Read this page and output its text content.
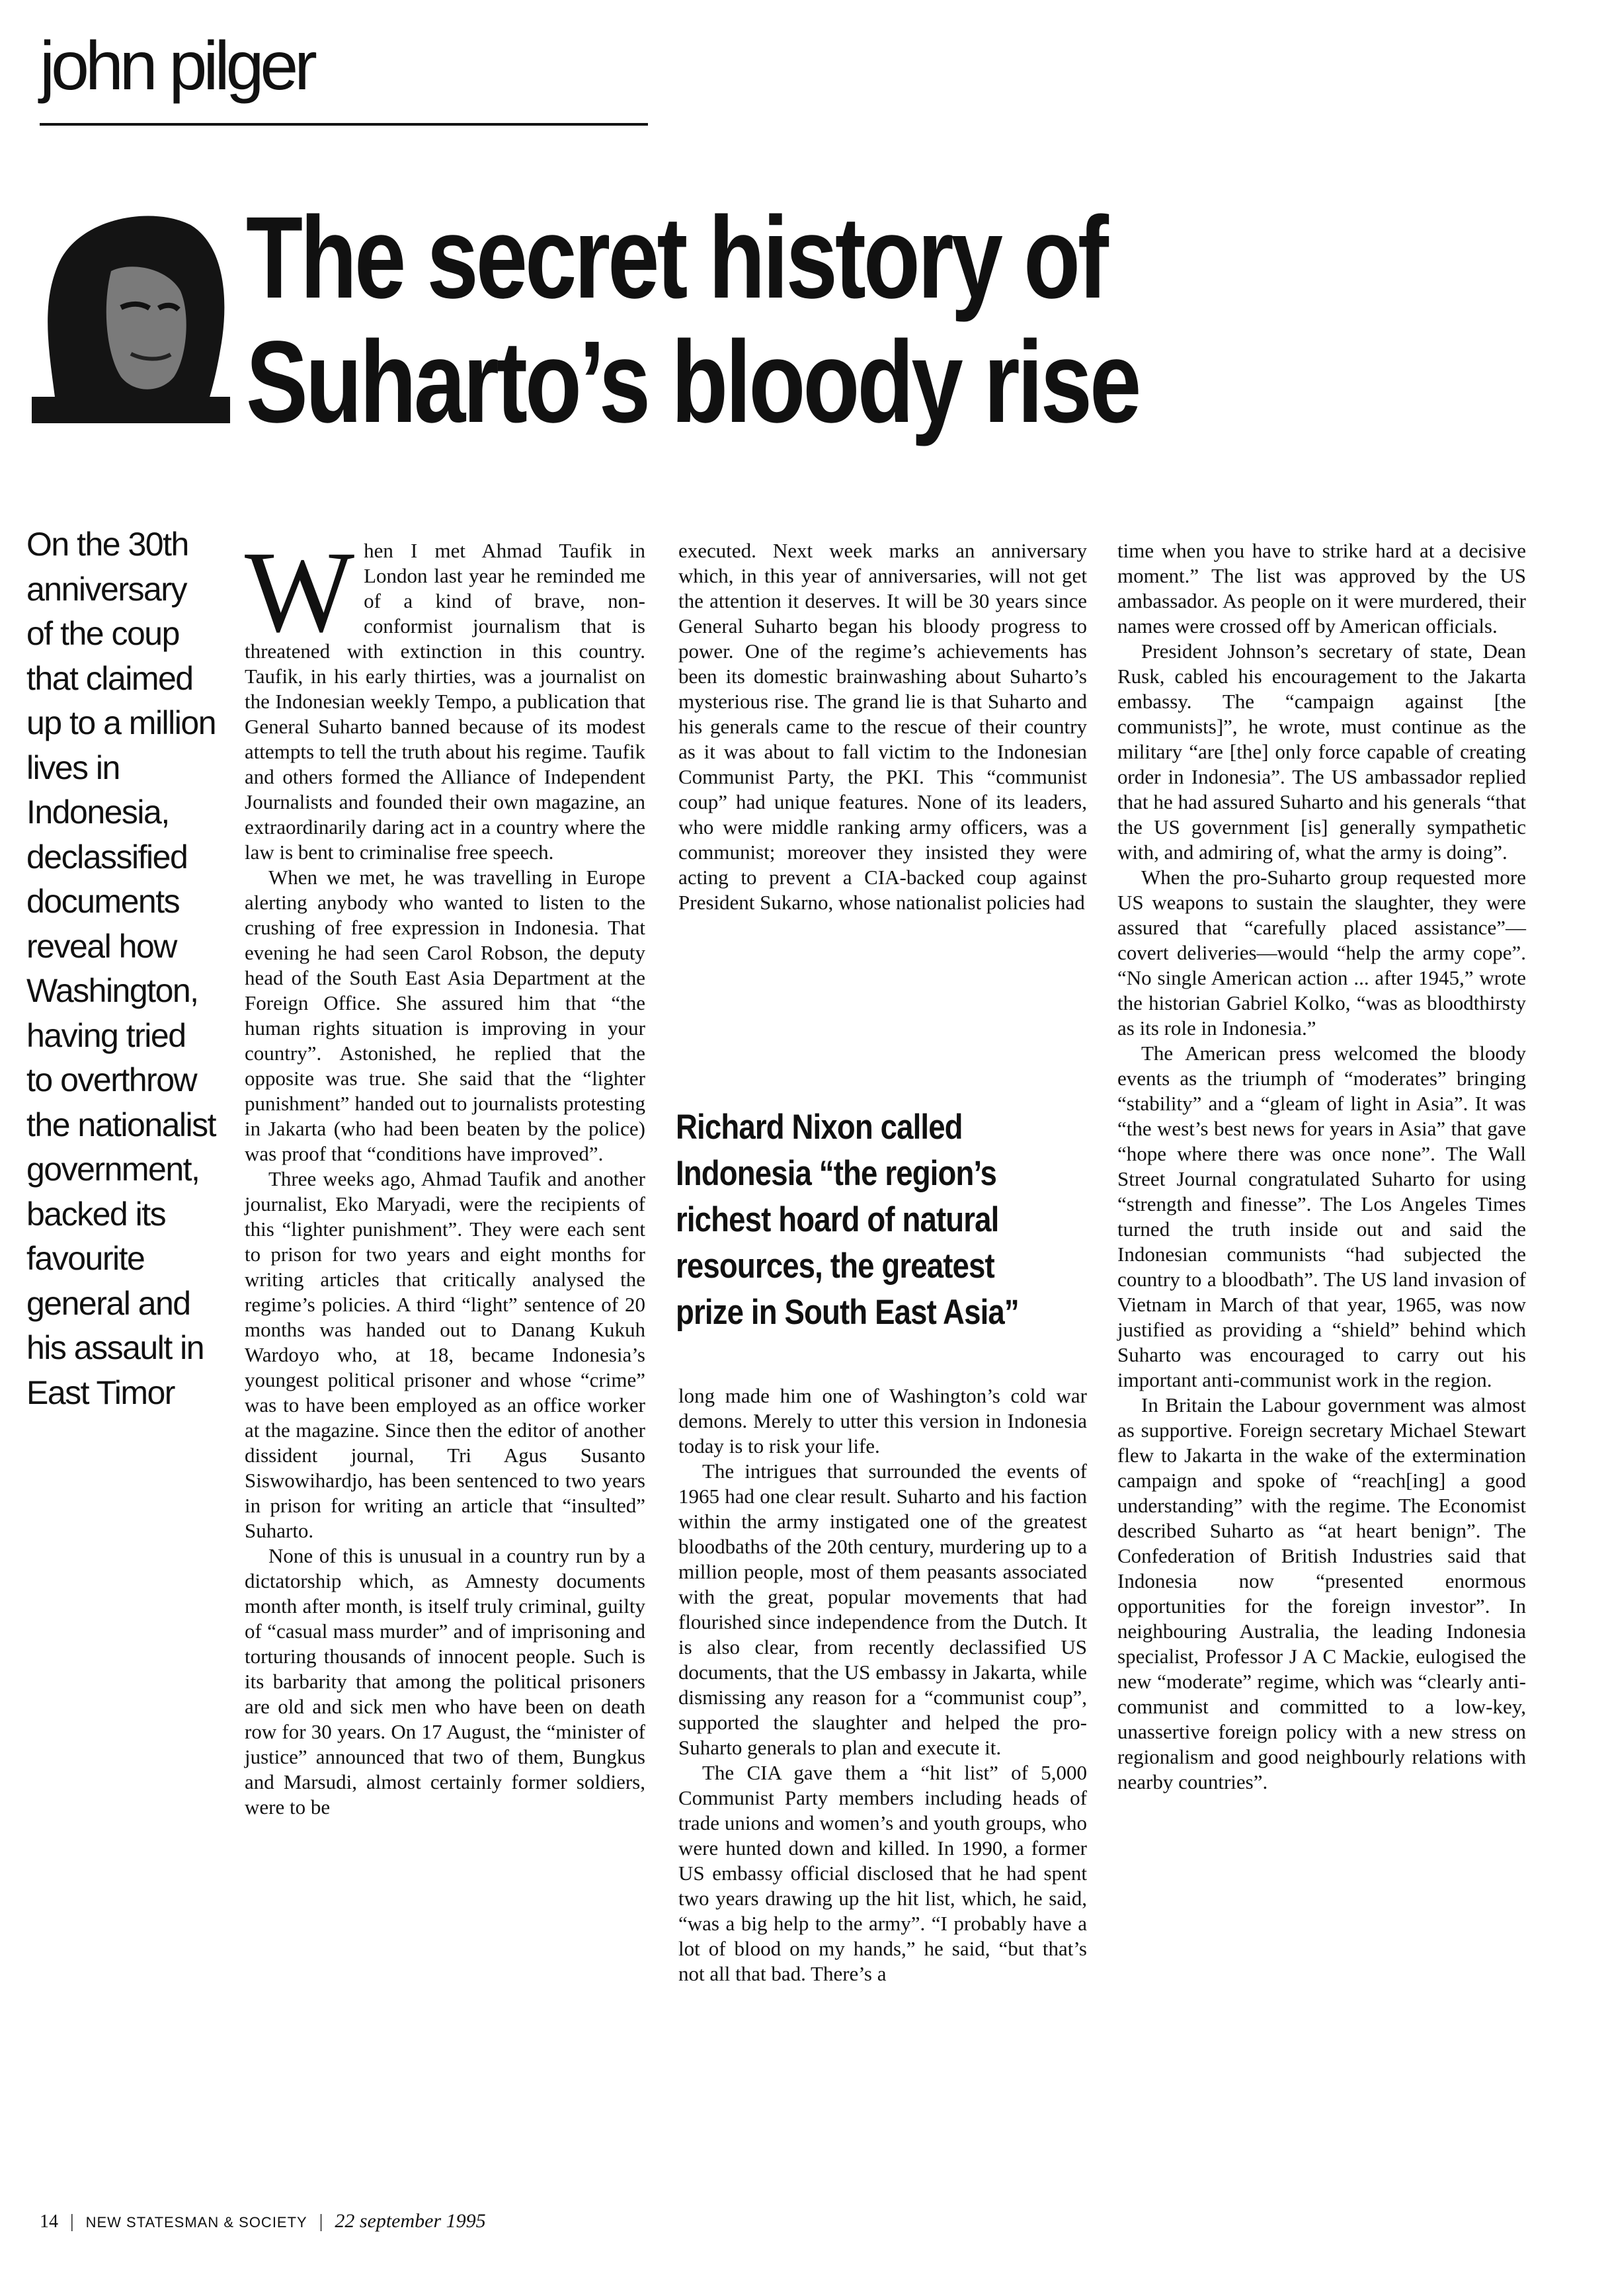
john pilger
The secret history of
Suharto’s bloody rise
On the 30th anniversary of the coup that claimed up to a million lives in Indonesia, declassified documents reveal how Washington, having tried to overthrow the nationalist government, backed its favourite general and his assault in East Timor

When I met Ahmad Taufik in London last year he reminded me of a kind of brave, non-conformist journalism that is threatened with extinction in this country. Taufik, in his early thirties, was a journalist on the Indonesian weekly Tempo, a publication that General Suharto banned because of its modest attempts to tell the truth about his regime. Taufik and others formed the Alliance of Independent Journalists and founded their own magazine, an extraordinarily daring act in a country where the law is bent to criminalise free speech.

When we met, he was travelling in Europe alerting anybody who wanted to listen to the crushing of free expression in Indonesia. That evening he had seen Carol Robson, the deputy head of the South East Asia Department at the Foreign Office. She assured him that “the human rights situation is improving in your country”. Astonished, he replied that the opposite was true. She said that the “lighter punishment” handed out to journalists protesting in Jakarta (who had been beaten by the police) was proof that “conditions have improved”.

Three weeks ago, Ahmad Taufik and another journalist, Eko Maryadi, were the recipients of this “lighter punishment”. They were each sent to prison for two years and eight months for writing articles that critically analysed the regime’s policies. A third “light” sentence of 20 months was handed out to Danang Kukuh Wardoyo who, at 18, became Indonesia’s youngest political prisoner and whose “crime” was to have been employed as an office worker at the magazine. Since then the editor of another dissident journal, Tri Agus Susanto Siswowihardjo, has been sentenced to two years in prison for writing an article that “insulted” Suharto.

None of this is unusual in a country run by a dictatorship which, as Amnesty documents month after month, is itself truly criminal, guilty of “casual mass murder” and of imprisoning and torturing thousands of innocent people. Such is its barbarity that among the political prisoners are old and sick men who have been on death row for 30 years. On 17 August, the “minister of justice” announced that two of them, Bungkus and Marsudi, almost certainly former soldiers, were to be

executed. Next week marks an anniversary which, in this year of anniversaries, will not get the attention it deserves. It will be 30 years since General Suharto began his bloody progress to power. One of the regime’s achievements has been its domestic brainwashing about Suharto’s mysterious rise. The grand lie is that Suharto and his generals came to the rescue of their country as it was about to fall victim to the Indonesian Communist Party, the PKI. This “communist coup” had unique features. None of its leaders, who were middle ranking army officers, was a communist; moreover they insisted they were acting to prevent a CIA-backed coup against President Sukarno, whose nationalist policies had

Richard Nixon called
Indonesia “the region’s
richest hoard of natural
resources, the greatest
prize in South East Asia”

long made him one of Washington’s cold war demons. Merely to utter this version in Indonesia today is to risk your life.

The intrigues that surrounded the events of 1965 had one clear result. Suharto and his faction within the army instigated one of the greatest bloodbaths of the 20th century, murdering up to a million people, most of them peasants associated with the great, popular movements that had flourished since independence from the Dutch. It is also clear, from recently declassified US documents, that the US embassy in Jakarta, while dismissing any reason for a “communist coup”, supported the slaughter and helped the pro-Suharto generals to plan and execute it.

The CIA gave them a “hit list” of 5,000 Communist Party members including heads of trade unions and women’s and youth groups, who were hunted down and killed. In 1990, a former US embassy official disclosed that he had spent two years drawing up the hit list, which, he said, “was a big help to the army”. “I probably have a lot of blood on my hands,” he said, “but that’s not all that bad. There’s a

time when you have to strike hard at a decisive moment.” The list was approved by the US ambassador. As people on it were murdered, their names were crossed off by American officials.

President Johnson’s secretary of state, Dean Rusk, cabled his encouragement to the Jakarta embassy. The “campaign against [the communists]”, he wrote, must continue as the military “are [the] only force capable of creating order in Indonesia”. The US ambassador replied that he had assured Suharto and his generals “that the US government [is] generally sympathetic with, and admiring of, what the army is doing”.

When the pro-Suharto group requested more US weapons to sustain the slaughter, they were assured that “carefully placed assistance”—covert deliveries—would “help the army cope”. “No single American action ... after 1945,” wrote the historian Gabriel Kolko, “was as bloodthirsty as its role in Indonesia.”

The American press welcomed the bloody events as the triumph of “moderates” bringing “stability” and a “gleam of light in Asia”. It was “the west’s best news for years in Asia” that gave “hope where there was once none”. The Wall Street Journal congratulated Suharto for using “strength and finesse”. The Los Angeles Times turned the truth inside out and said the Indonesian communists “had subjected the country to a bloodbath”. The US land invasion of Vietnam in March of that year, 1965, was now justified as providing a “shield” behind which Suharto was encouraged to carry out his important anti-communist work in the region.

In Britain the Labour government was almost as supportive. Foreign secretary Michael Stewart flew to Jakarta in the wake of the extermination campaign and spoke of “reach[ing] a good understanding” with the regime. The Economist described Suharto as “at heart benign”. The Confederation of British Industries said that Indonesia now “presented enormous opportunities for the foreign investor”. In neighbouring Australia, the leading Indonesia specialist, Professor J A C Mackie, eulogised the new “moderate” regime, which was “clearly anti-communist and committed to a low-key, unassertive foreign policy with a new stress on regionalism and good neighbourly relations with nearby countries”.

14 | NEW STATESMAN & SOCIETY | 22 september 1995
